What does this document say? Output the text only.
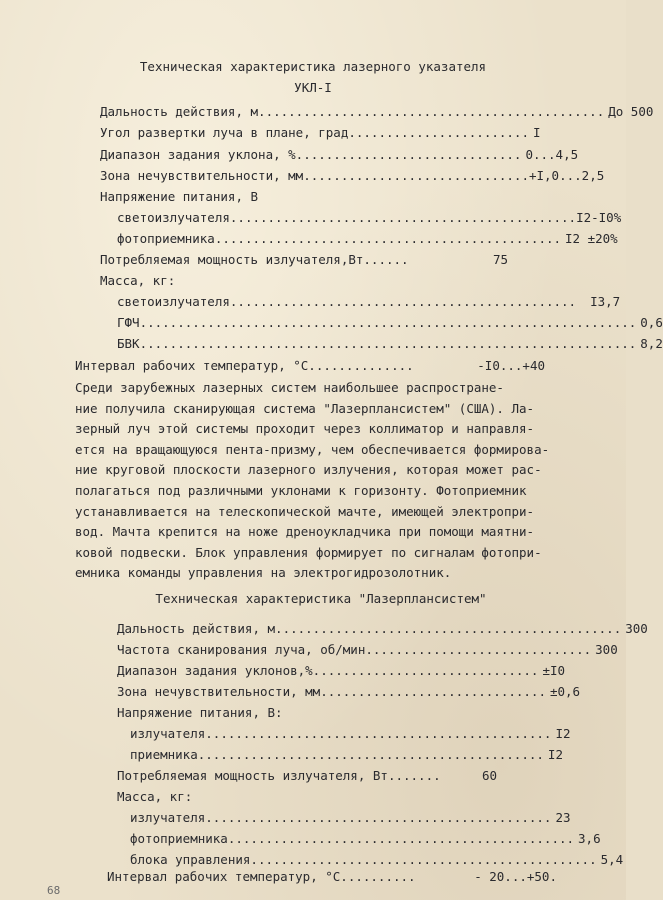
Техническая характеристика лазерного указателя
УКЛ-I
Дальность действия, м .............................................. До 500
Угол развертки луча в плане, град ........................ I
Диапазон задания уклона, % .............................. 0...4,5
Зона нечувствительности, мм .............................. +I,0...2,5
Напряжение питания, В
светоизлучателя .............................................. I2-I0%
фотоприемника .............................................. I2 ±20%
Потребляемая мощность излучателя,Вт ......	75
Масса, кг:
светоизлучателя ..............................................	I3,7
ГФЧ .................................................................. 0,6
БВК .................................................................. 8,2
Интервал рабочих температур, °С ..............	-I0...+40
Среди зарубежных лазерных систем наибольшее распростране-
ние получила сканирующая система "Лазерплансистем" (США). Ла-
зерный луч этой системы проходит через коллиматор и направля-
ется на вращающуюся пента-призму, чем обеспечивается формирова-
ние круговой плоскости лазерного излучения, которая может рас-
полагаться под различными уклонами к горизонту. Фотоприемник
устанавливается на телескопической мачте, имеющей электропри-
вод. Мачта крепится на ноже дреноукладчика при помощи маятни-
ковой подвески. Блок управления формирует по сигналам фотопри-
емника команды управления на электрогидрозолотник.
Техническая характеристика "Лазерплансистем"
Дальность действия, м .............................................. 300
Частота сканирования луча, об/мин .............................. 300
Диапазон задания уклонов,% .............................. ±I0
Зона нечувствительности, мм .............................. ±0,6
Напряжение питания, В:
излучателя .............................................. I2
приемника .............................................. I2
Потребляемая мощность излучателя, Вт .......	60
Масса, кг:
излучателя .............................................. 23
фотоприемника .............................................. 3,6
блока управления .............................................. 5,4
Интервал рабочих температур, °С ..........	- 20...+50.
68
